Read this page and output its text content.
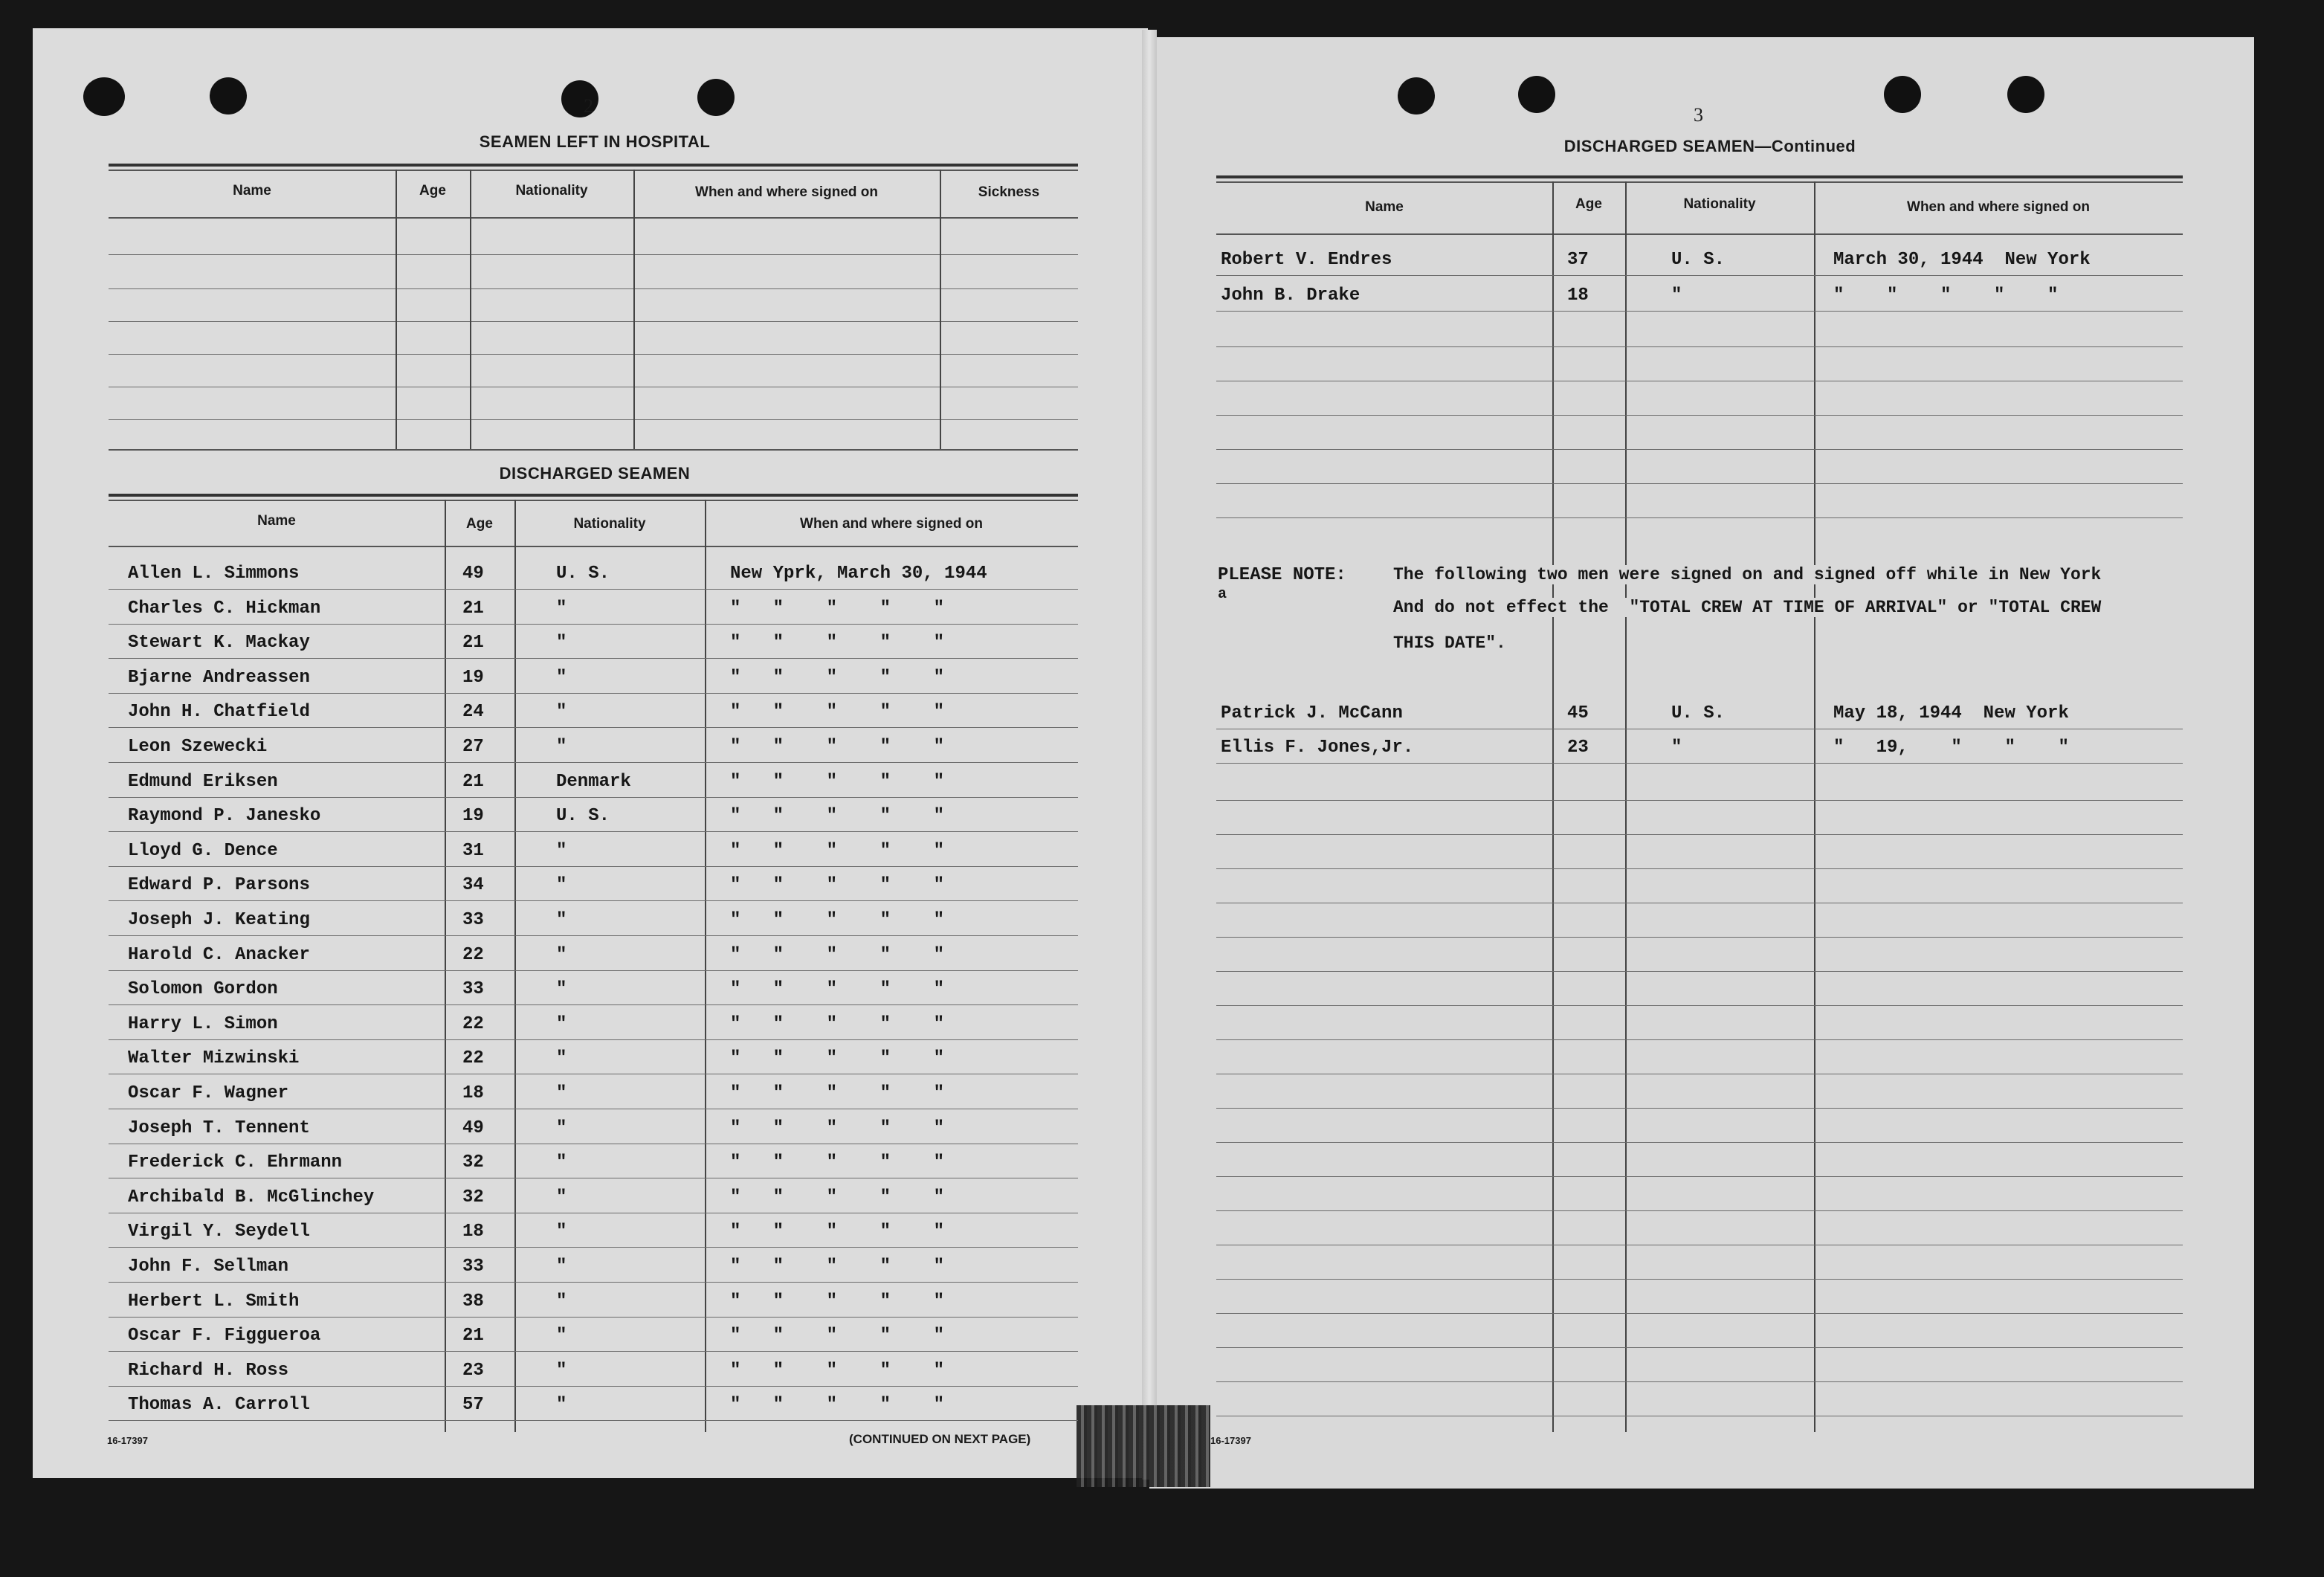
2
SEAMEN LEFT IN HOSPITAL
Name	Age	Nationality	When and where signed on	Sickness
DISCHARGED SEAMEN
Name	Age	Nationality	When and where signed on
Allen L. Simmons	49	U. S.	New Yprk, March 30, 1944
Charles C. Hickman	21	"	"   "    "    "    "
Stewart K. Mackay	21	"	"   "    "    "    "
Bjarne Andreassen	19	"	"   "    "    "    "
John H. Chatfield	24	"	"   "    "    "    "
Leon Szewecki	27	"	"   "    "    "    "
Edmund Eriksen	21	Denmark	"   "    "    "    "
Raymond P. Janesko	19	U. S.	"   "    "    "    "
Lloyd G. Dence	31	"	"   "    "    "    "
Edward P. Parsons	34	"	"   "    "    "    "
Joseph J. Keating	33	"	"   "    "    "    "
Harold C. Anacker	22	"	"   "    "    "    "
Solomon Gordon	33	"	"   "    "    "    "
Harry L. Simon	22	"	"   "    "    "    "
Walter Mizwinski	22	"	"   "    "    "    "
Oscar F. Wagner	18	"	"   "    "    "    "
Joseph T. Tennent	49	"	"   "    "    "    "
Frederick C. Ehrmann	32	"	"   "    "    "    "
Archibald B. McGlinchey	32	"	"   "    "    "    "
Virgil Y. Seydell	18	"	"   "    "    "    "
John F. Sellman	33	"	"   "    "    "    "
Herbert L. Smith	38	"	"   "    "    "    "
Oscar F. Figgueroa	21	"	"   "    "    "    "
Richard H. Ross	23	"	"   "    "    "    "
Thomas A. Carroll	57	"	"   "    "    "    "
16-17397	(CONTINUED ON NEXT PAGE)
3
DISCHARGED SEAMEN—Continued
Name	Age	Nationality	When and where signed on
Robert V. Endres	37	U. S.	March 30, 1944  New York
John B. Drake	18	"	"    "    "    "    "
PLEASE NOTE:
a
The following two men were signed on and signed off while in New York
And do not effect the  "TOTAL CREW AT TIME OF ARRIVAL" or "TOTAL CREW
THIS DATE".
Patrick J. McCann	45	U. S.	May 18, 1944  New York
Ellis F. Jones,Jr.	23	"	"   19,    "    "    "
16-17397
